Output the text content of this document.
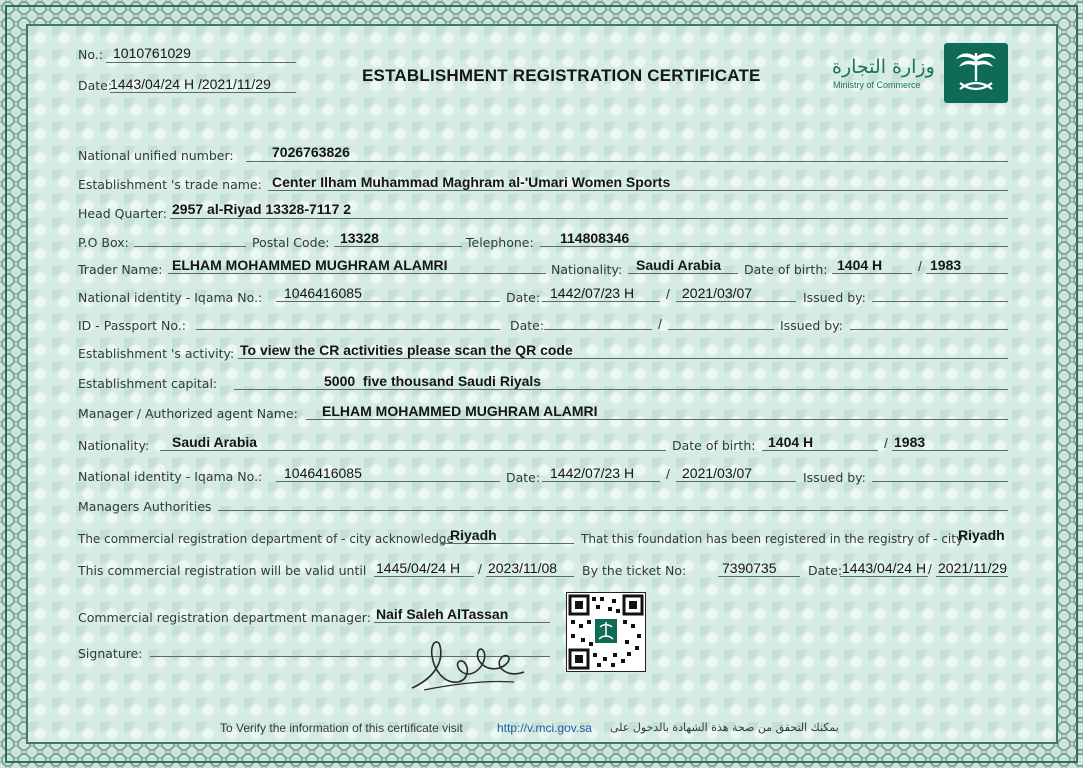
No.: 1010761029
Date:
1443/04/24 H /2021/11/29	ESTABLISHMENT REGISTRATION CERTIFICATE	وزارة التجارة
Ministry of Commerce
National unified number:	7026763826
Establishment 's trade name: Center Ilham Muhammad Maghram al-'Umari Women Sports
Head Quarter: 2957 al-Riyad 13328-7117 2
P.O Box:	Postal Code: 13328	Telephone: 114808346
Trader Name: ELHAM MOHAMMED MUGHRAM ALAMRI	Nationality: Saudi Arabia Date of birth: 1404 H	/ 1983
National identity - Iqama No.: 1046416085	Date: 1442/07/23 H / 2021/03/07	Issued by:
ID - Passport No.:	Date:	/	Issued by:
Establishment 's activity: To view the CR activities please scan the QR code
Establishment capital:	5000  five thousand Saudi Riyals
Manager / Authorized agent Name: ELHAM MOHAMMED MUGHRAM ALAMRI
Nationality: Saudi Arabia	Date of birth: 1404 H	/ 1983
National identity - Iqama No.: 1046416085	Date: 1442/07/23 H / 2021/03/07	Issued by:
Managers Authorities
The commercial registration department of - city acknowledge
Riyadh	That this foundation has been registered in the registry of - city
Riyadh
This commercial registration will be valid until 1445/04/24 H / 2023/11/08 By the ticket No:	7390735	Date: 1443/04/24 H / 2021/11/29
Commercial registration department manager: Naif Saleh AlTassan
Signature:
To Verify the information of this certificate visit	http://v.mci.gov.sa يمكنك التحقق من صحة هذة الشهادة بالدخول على
